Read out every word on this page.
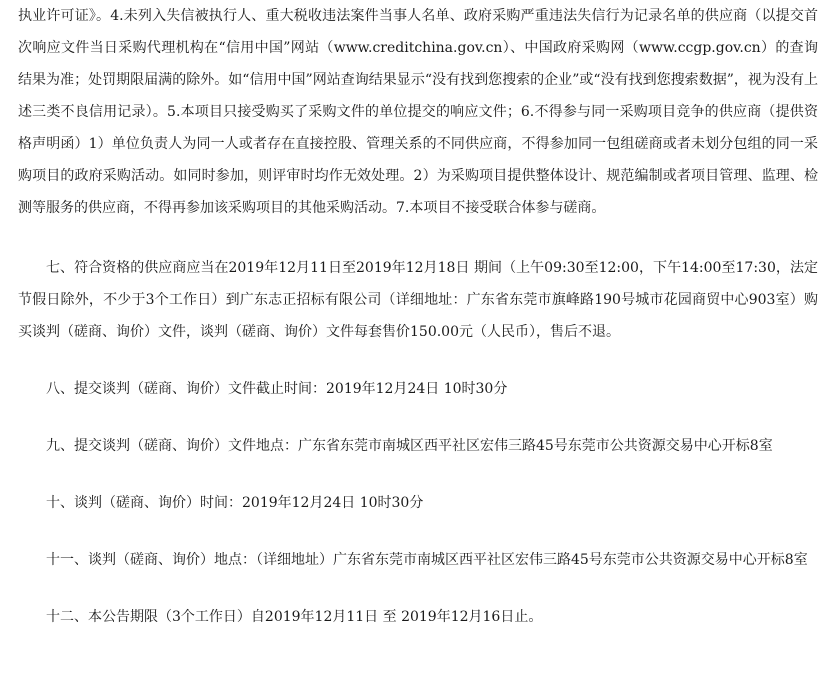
执业许可证》。4.未列入失信被执行人、重大税收违法案件当事人名单、政府采购严重违法失信行为记录名单的供应商（以提交首次响应文件当日采购代理机构在“信用中国”网站（www.creditchina.gov.cn）、中国政府采购网（www.ccgp.gov.cn）的查询结果为准；处罚期限届满的除外。如“信用中国”网站查询结果显示“没有找到您搜索的企业”或“没有找到您搜索数据”，视为没有上述三类不良信用记录）。5.本项目只接受购买了采购文件的单位提交的响应文件；6.不得参与同一采购项目竞争的供应商（提供资格声明函）1）单位负责人为同一人或者存在直接控股、管理关系的不同供应商，不得参加同一包组磋商或者未划分包组的同一采购项目的政府采购活动。如同时参加，则评审时均作无效处理。2）为采购项目提供整体设计、规范编制或者项目管理、监理、检测等服务的供应商，不得再参加该采购项目的其他采购活动。7.本项目不接受联合体参与磋商。

七、符合资格的供应商应当在2019年12月11日至2019年12月18日 期间（上午09:30至12:00，下午14:00至17:30，法定节假日除外，不少于3个工作日）到广东志正招标有限公司（详细地址：广东省东莞市旗峰路190号城市花园商贸中心903室）购买谈判（磋商、询价）文件，谈判（磋商、询价）文件每套售价150.00元（人民币），售后不退。

八、提交谈判（磋商、询价）文件截止时间：2019年12月24日 10时30分

九、提交谈判（磋商、询价）文件地点：广东省东莞市南城区西平社区宏伟三路45号东莞市公共资源交易中心开标8室

十、谈判（磋商、询价）时间：2019年12月24日 10时30分

十一、谈判（磋商、询价）地点：（详细地址）广东省东莞市南城区西平社区宏伟三路45号东莞市公共资源交易中心开标8室

十二、本公告期限（3个工作日）自2019年12月11日 至 2019年12月16日止。
